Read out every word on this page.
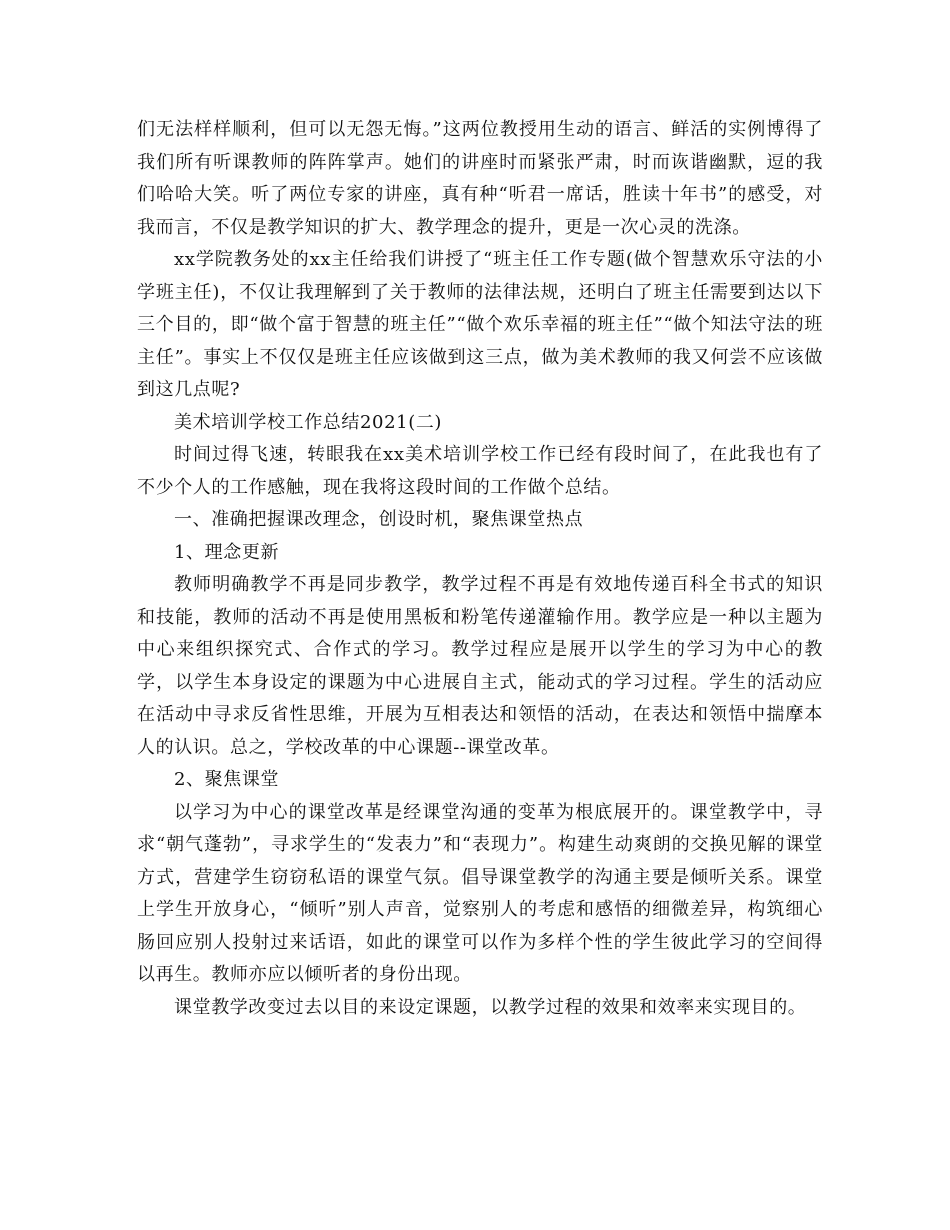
们无法样样顺利，但可以无怨无悔。”这两位教授用生动的语言、鲜活的实例博得了我们所有听课教师的阵阵掌声。她们的讲座时而紧张严肃，时而诙谐幽默，逗的我们哈哈大笑。听了两位专家的讲座，真有种“听君一席话，胜读十年书”的感受，对我而言，不仅是教学知识的扩大、教学理念的提升，更是一次心灵的洗涤。

xx学院教务处的xx主任给我们讲授了“班主任工作专题(做个智慧欢乐守法的小学班主任)，不仅让我理解到了关于教师的法律法规，还明白了班主任需要到达以下三个目的，即“做个富于智慧的班主任”“做个欢乐幸福的班主任”“做个知法守法的班主任”。事实上不仅仅是班主任应该做到这三点，做为美术教师的我又何尝不应该做到这几点呢?

美术培训学校工作总结2021(二)

时间过得飞速，转眼我在xx美术培训学校工作已经有段时间了，在此我也有了不少个人的工作感触，现在我将这段时间的工作做个总结。

一、准确把握课改理念，创设时机，聚焦课堂热点

1、理念更新

教师明确教学不再是同步教学，教学过程不再是有效地传递百科全书式的知识和技能，教师的活动不再是使用黑板和粉笔传递灌输作用。教学应是一种以主题为中心来组织探究式、合作式的学习。教学过程应是展开以学生的学习为中心的教学，以学生本身设定的课题为中心进展自主式，能动式的学习过程。学生的活动应在活动中寻求反省性思维，开展为互相表达和领悟的活动，在表达和领悟中揣摩本人的认识。总之，学校改革的中心课题--课堂改革。

2、聚焦课堂

以学习为中心的课堂改革是经课堂沟通的变革为根底展开的。课堂教学中，寻求“朝气蓬勃”，寻求学生的“发表力”和“表现力”。构建生动爽朗的交换见解的课堂方式，营建学生窃窃私语的课堂气氛。倡导课堂教学的沟通主要是倾听关系。课堂上学生开放身心，“倾听”别人声音，觉察别人的考虑和感悟的细微差异，构筑细心肠回应别人投射过来话语，如此的课堂可以作为多样个性的学生彼此学习的空间得以再生。教师亦应以倾听者的身份出现。

课堂教学改变过去以目的来设定课题，以教学过程的效果和效率来实现目的。
